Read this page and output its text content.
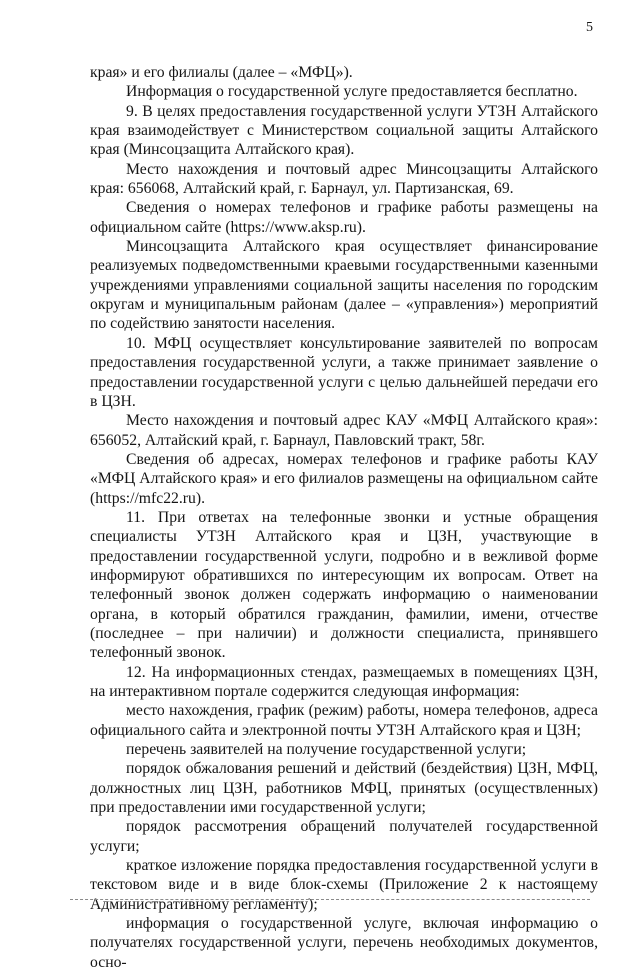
5

края» и его филиалы (далее – «МФЦ»).

Информация о государственной услуге предоставляется бесплатно.

9. В целях предоставления государственной услуги УТЗН Алтайского края взаимодействует с Министерством социальной защиты Алтайского края (Минсоцзащита Алтайского края).

Место нахождения и почтовый адрес Минсоцзащиты Алтайского края: 656068, Алтайский край, г. Барнаул, ул. Партизанская, 69.

Сведения о номерах телефонов и графике работы размещены на официальном сайте (https://www.aksp.ru).

Минсоцзащита Алтайского края осуществляет финансирование реализуемых подведомственными краевыми государственными казенными учреждениями управлениями социальной защиты населения по городским округам и муниципальным районам (далее – «управления») мероприятий по содействию занятости населения.

10. МФЦ осуществляет консультирование заявителей по вопросам предоставления государственной услуги, а также принимает заявление о предоставлении государственной услуги с целью дальнейшей передачи его в ЦЗН.

Место нахождения и почтовый адрес КАУ «МФЦ Алтайского края»: 656052, Алтайский край, г. Барнаул, Павловский тракт, 58г.

Сведения об адресах, номерах телефонов и графике работы КАУ «МФЦ Алтайского края» и его филиалов размещены на официальном сайте (https://mfc22.ru).

11. При ответах на телефонные звонки и устные обращения специалисты УТЗН Алтайского края и ЦЗН, участвующие в предоставлении государственной услуги, подробно и в вежливой форме информируют обратившихся по интересующим их вопросам. Ответ на телефонный звонок должен содержать информацию о наименовании органа, в который обратился гражданин, фамилии, имени, отчестве (последнее – при наличии) и должности специалиста, принявшего телефонный звонок.

12. На информационных стендах, размещаемых в помещениях ЦЗН, на интерактивном портале содержится следующая информация:

место нахождения, график (режим) работы, номера телефонов, адреса официального сайта и электронной почты УТЗН Алтайского края и ЦЗН;

перечень заявителей на получение государственной услуги;

порядок обжалования решений и действий (бездействия) ЦЗН, МФЦ, должностных лиц ЦЗН, работников МФЦ, принятых (осуществленных) при предоставлении ими государственной услуги;

порядок рассмотрения обращений получателей государственной услуги;

краткое изложение порядка предоставления государственной услуги в текстовом виде и в виде блок-схемы (Приложение 2 к настоящему Административному регламенту);

информация о государственной услуге, включая информацию о получателях государственной услуги, перечень необходимых документов, осно-
